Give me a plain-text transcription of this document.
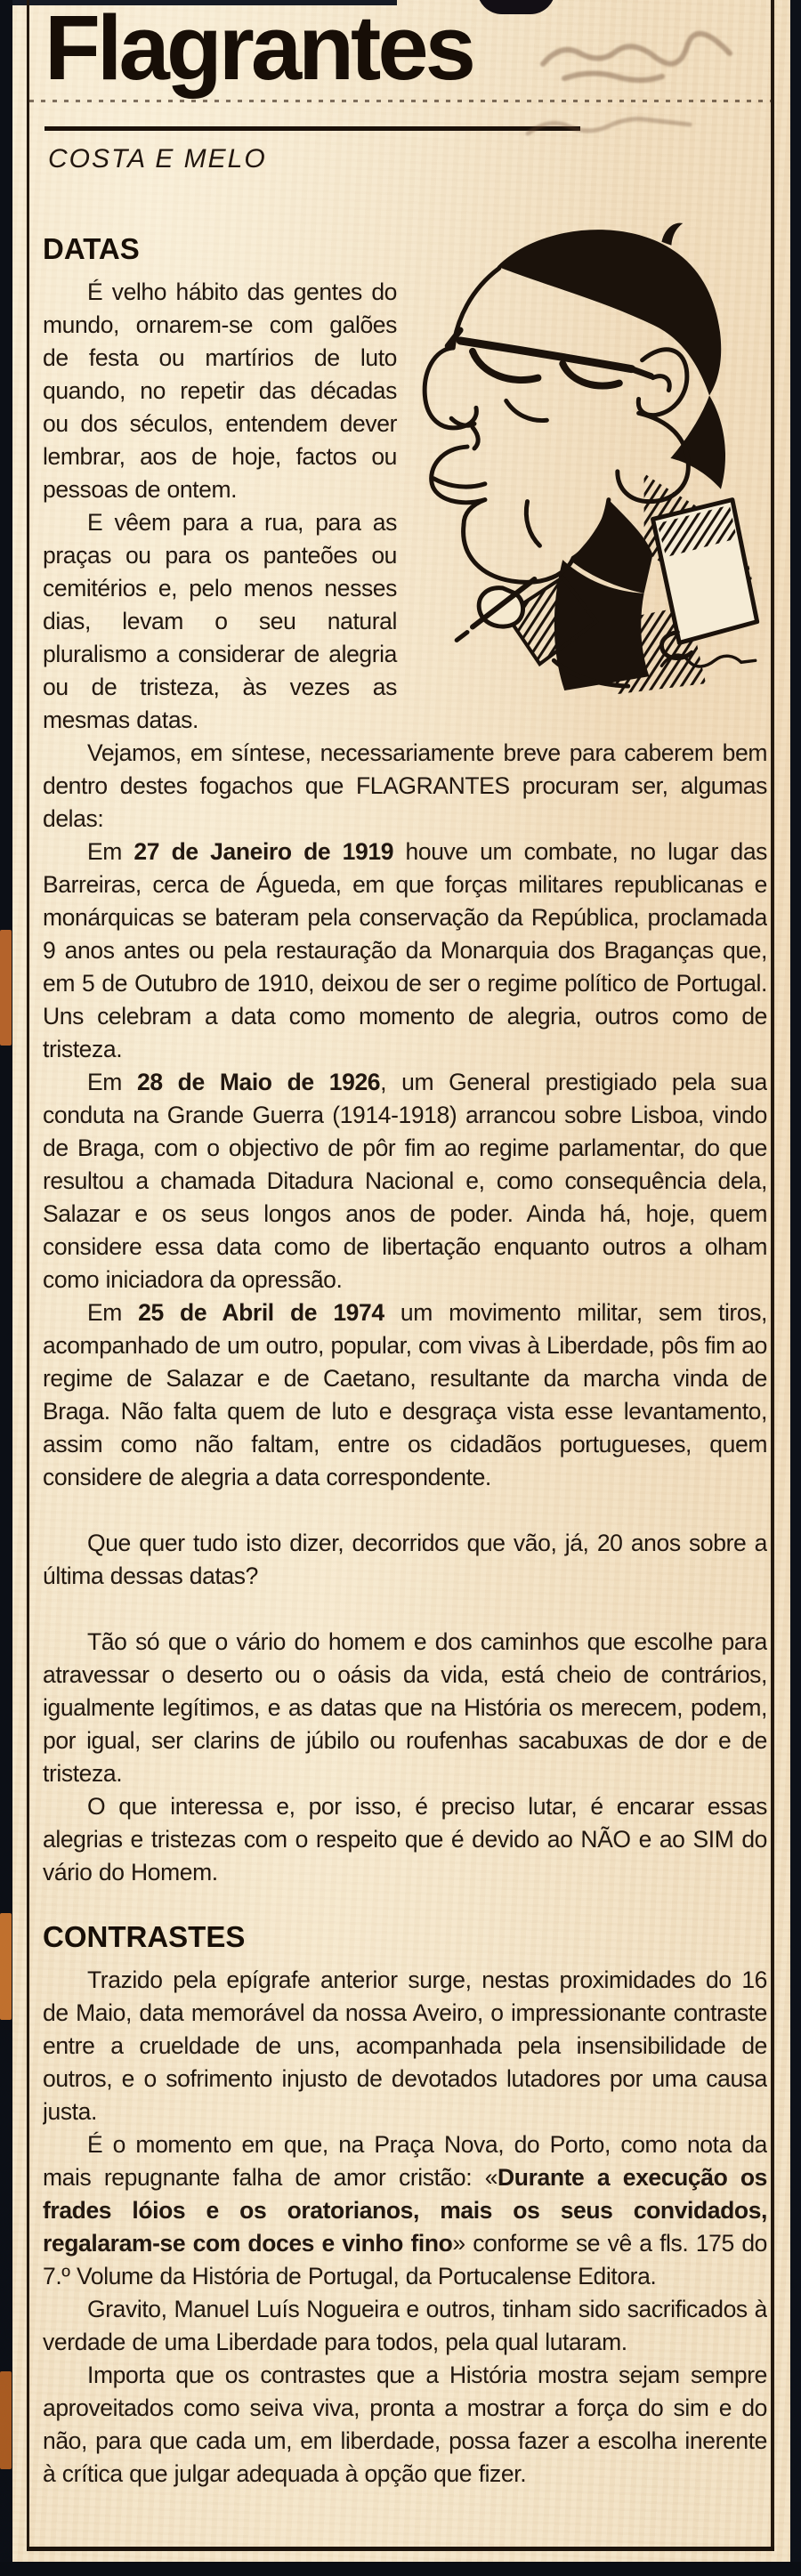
Flagrantes
COSTA E MELO
DATAS

É velho hábito das gentes do mundo, ornarem-se com galões de festa ou martírios de luto quando, no repetir das décadas ou dos séculos, entendem dever lembrar, aos de hoje, factos ou pessoas de ontem.

E vêem para a rua, para as praças ou para os panteões ou cemitérios e, pelo menos nesses dias, levam o seu natural pluralismo a considerar de alegria ou de tristeza, às vezes as mesmas datas.

Vejamos, em síntese, necessariamente breve para caberem bem dentro destes fogachos que FLAGRANTES procuram ser, algumas delas:

Em 27 de Janeiro de 1919 houve um combate, no lugar das Barreiras, cerca de Águeda, em que forças militares republicanas e monárquicas se bateram pela conservação da República, proclamada 9 anos antes ou pela restauração da Monarquia dos Braganças que, em 5 de Outubro de 1910, deixou de ser o regime político de Portugal. Uns celebram a data como momento de alegria, outros como de tristeza.

Em 28 de Maio de 1926, um General prestigiado pela sua conduta na Grande Guerra (1914-1918) arrancou sobre Lisboa, vindo de Braga, com o objectivo de pôr fim ao regime parlamentar, do que resultou a chamada Ditadura Nacional e, como consequência dela, Salazar e os seus longos anos de poder. Ainda há, hoje, quem considere essa data como de libertação enquanto outros a olham como iniciadora da opressão.

Em 25 de Abril de 1974 um movimento militar, sem tiros, acompanhado de um outro, popular, com vivas à Liberdade, pôs fim ao regime de Salazar e de Caetano, resultante da marcha vinda de Braga. Não falta quem de luto e desgraça vista esse levantamento, assim como não faltam, entre os cidadãos portugueses, quem considere de alegria a data correspondente.

Que quer tudo isto dizer, decorridos que vão, já, 20 anos sobre a última dessas datas?

Tão só que o vário do homem e dos caminhos que escolhe para atravessar o deserto ou o oásis da vida, está cheio de contrários, igualmente legítimos, e as datas que na História os merecem, podem, por igual, ser clarins de júbilo ou roufenhas sacabuxas de dor e de tristeza.

O que interessa e, por isso, é preciso lutar, é encarar essas alegrias e tristezas com o respeito que é devido ao NÃO e ao SIM do vário do Homem.

CONTRASTES

Trazido pela epígrafe anterior surge, nestas proximidades do 16 de Maio, data memorável da nossa Aveiro, o impressionante contraste entre a crueldade de uns, acompanhada pela insensibilidade de outros, e o sofrimento injusto de devotados lutadores por uma causa justa.

É o momento em que, na Praça Nova, do Porto, como nota da mais repugnante falha de amor cristão: «Durante a execução os frades lóios e os oratorianos, mais os seus convidados, regalaram-se com doces e vinho fino» conforme se vê a fls. 175 do 7.º Volume da História de Portugal, da Portucalense Editora.

Gravito, Manuel Luís Nogueira e outros, tinham sido sacrificados à verdade de uma Liberdade para todos, pela qual lutaram.

Importa que os contrastes que a História mostra sejam sempre aproveitados como seiva viva, pronta a mostrar a força do sim e do não, para que cada um, em liberdade, possa fazer a escolha inerente à crítica que julgar adequada à opção que fizer.
